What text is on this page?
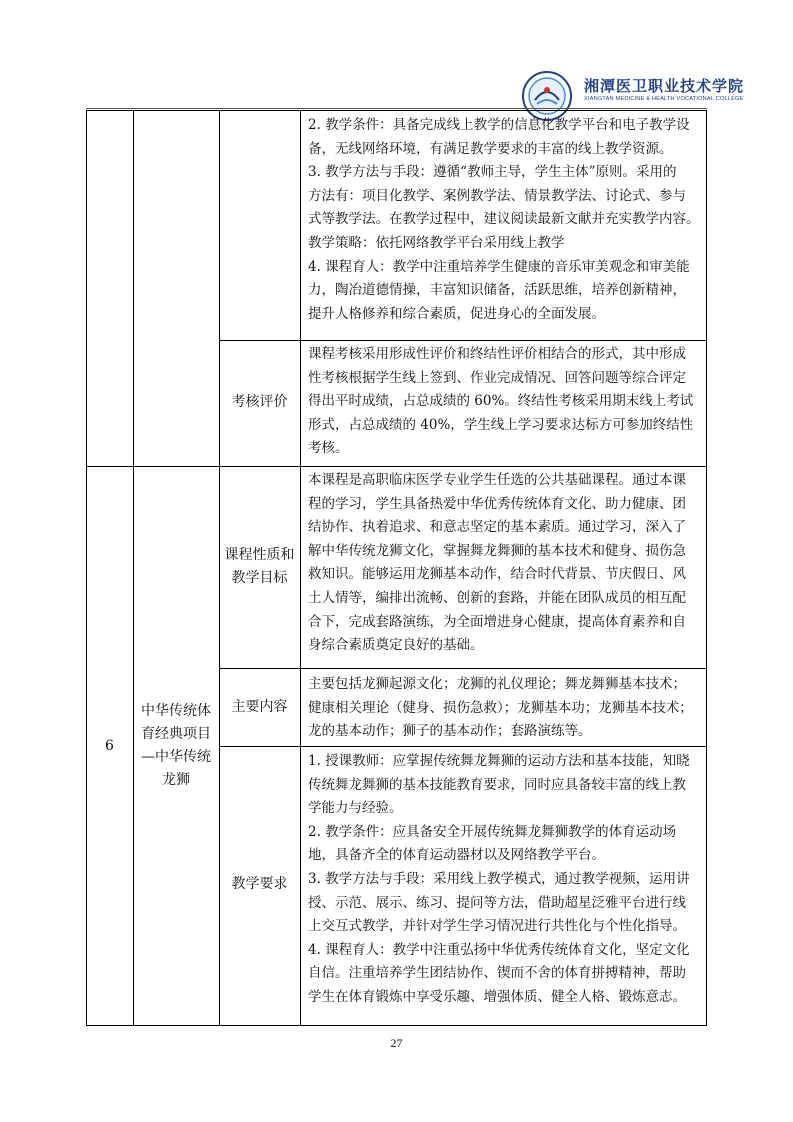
湘潭医卫职业技术学院
XIANGTAN MEDICINE & HEALTH VOCATIONAL COLLEGE
2. 教学条件：具备完成线上教学的信息化教学平台和电子教学设
备，无线网络环境，有满足教学要求的丰富的线上教学资源。
3. 教学方法与手段：遵循“教师主导，学生主体”原则。采用的
方法有：项目化教学、案例教学法、情景教学法、讨论式、参与
式等教学法。在教学过程中，建议阅读最新文献并充实教学内容。
教学策略：依托网络教学平台采用线上教学
4. 课程育人：教学中注重培养学生健康的音乐审美观念和审美能
力，陶冶道德情操，丰富知识储备，活跃思维，培养创新精神，
提升人格修养和综合素质，促进身心的全面发展。
考核评价
课程考核采用形成性评价和终结性评价相结合的形式，其中形成
性考核根据学生线上签到、作业完成情况、回答问题等综合评定
得出平时成绩，占总成绩的 60%。终结性考核采用期末线上考试
形式，占总成绩的 40%，学生线上学习要求达标方可参加终结性
考核。
6
中华传统体
育经典项目
—中华传统
龙狮
课程性质和
教学目标
本课程是高职临床医学专业学生任选的公共基础课程。通过本课
程的学习，学生具备热爱中华优秀传统体育文化、助力健康、团
结协作、执着追求、和意志坚定的基本素质。通过学习，深入了
解中华传统龙狮文化，掌握舞龙舞狮的基本技术和健身、损伤急
救知识。能够运用龙狮基本动作，结合时代背景、节庆假日、风
土人情等，编排出流畅、创新的套路，并能在团队成员的相互配
合下，完成套路演练，为全面增进身心健康，提高体育素养和自
身综合素质奠定良好的基础。
主要内容
主要包括龙狮起源文化；龙狮的礼仪理论；舞龙舞狮基本技术；
健康相关理论（健身、损伤急救）；龙狮基本功；龙狮基本技术；
龙的基本动作；狮子的基本动作；套路演练等。
教学要求
1. 授课教师：应掌握传统舞龙舞狮的运动方法和基本技能，知晓
传统舞龙舞狮的基本技能教育要求，同时应具备较丰富的线上教
学能力与经验。
2. 教学条件：应具备安全开展传统舞龙舞狮教学的体育运动场
地，具备齐全的体育运动器材以及网络教学平台。
3. 教学方法与手段：采用线上教学模式，通过教学视频，运用讲
授、示范、展示、练习、提问等方法，借助超星泛雅平台进行线
上交互式教学，并针对学生学习情况进行共性化与个性化指导。
4. 课程育人：教学中注重弘扬中华优秀传统体育文化，坚定文化
自信。注重培养学生团结协作、锲而不舍的体育拼搏精神，帮助
学生在体育锻炼中享受乐趣、增强体质、健全人格、锻炼意志。
27
